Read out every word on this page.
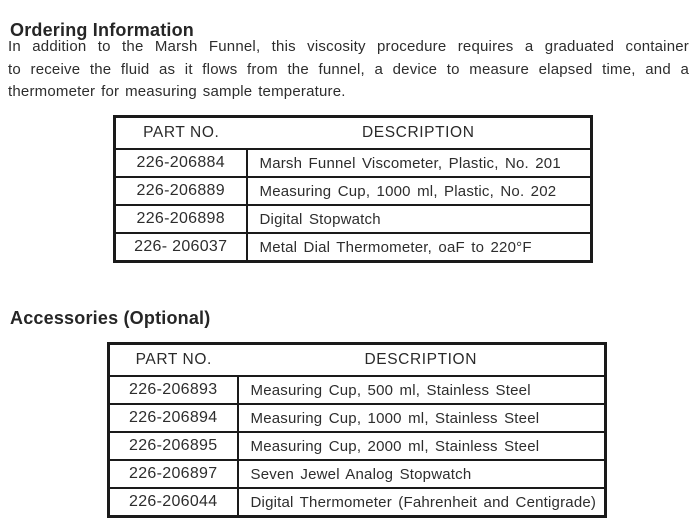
Ordering Information
In addition to the Marsh Funnel, this viscosity procedure requires a graduated container
to receive the fluid as it flows from the funnel, a device to measure elapsed time, and a
thermometer for measuring sample temperature.
PART NO.	DESCRIPTION
226-206884	Marsh Funnel Viscometer, Plastic, No. 201
226-206889	Measuring Cup, 1000 ml, Plastic, No. 202
226-206898	Digital Stopwatch
226- 206037	Metal Dial Thermometer, oaF to 220°F
Accessories (Optional)
PART NO.	DESCRIPTION
226-206893	Measuring Cup, 500 ml, Stainless Steel
226-206894	Measuring Cup, 1000 ml, Stainless Steel
226-206895	Measuring Cup, 2000 ml, Stainless Steel
226-206897	Seven Jewel Analog Stopwatch
226-206044	Digital Thermometer (Fahrenheit and Centigrade)
